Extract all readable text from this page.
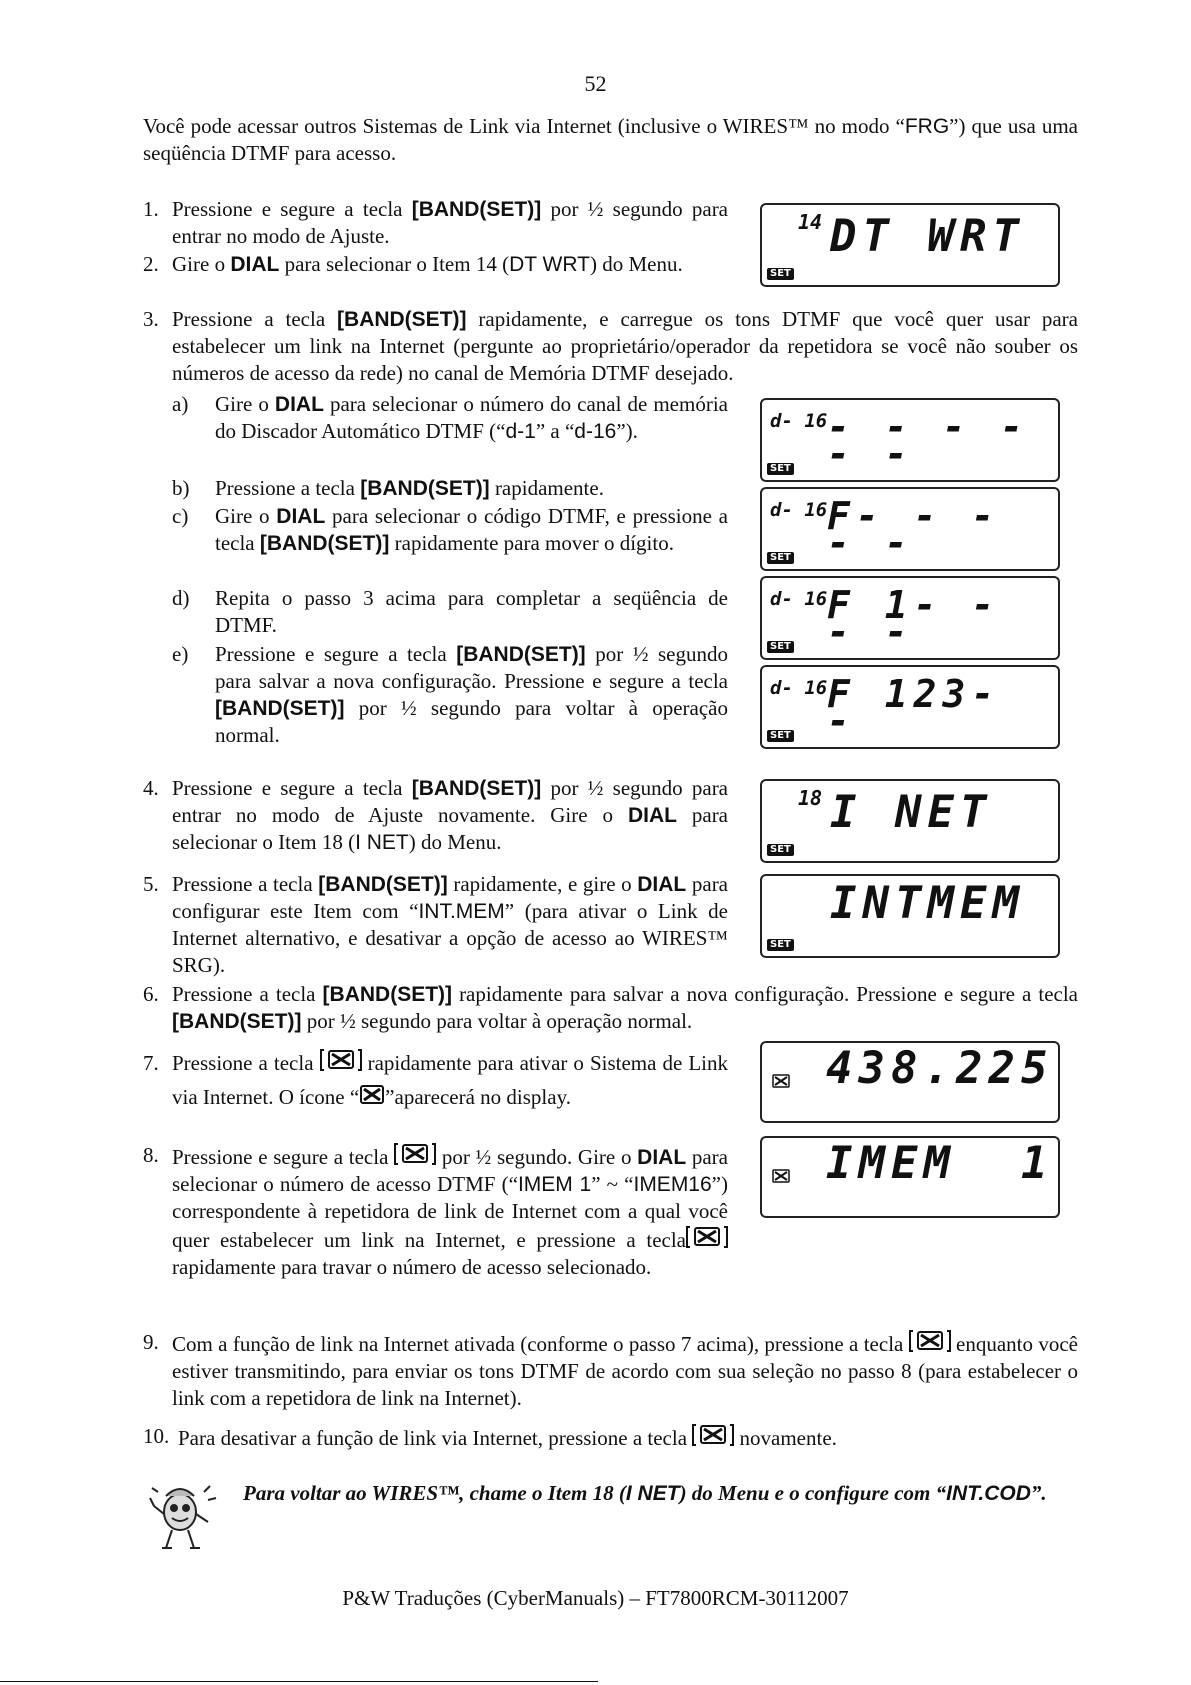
52
Você pode acessar outros Sistemas de Link via Internet (inclusive o WIRES™ no modo “FRG”) que usa uma seqüência DTMF para acesso.
1. Pressione e segure a tecla [BAND(SET)] por ½ segundo para entrar no modo de Ajuste.
2. Gire o DIAL para selecionar o Item 14 (DT WRT) do Menu.
3. Pressione a tecla [BAND(SET)] rapidamente, e carregue os tons DTMF que você quer usar para estabelecer um link na Internet (pergunte ao proprietário/operador da repetidora se você não souber os números de acesso da rede) no canal de Memória DTMF desejado.
a) Gire o DIAL para selecionar o número do canal de memória do Discador Automático DTMF (“d-1” a “d-16”).
b) Pressione a tecla [BAND(SET)] rapidamente.
c) Gire o DIAL para selecionar o código DTMF, e pressione a tecla [BAND(SET)] rapidamente para mover o dígito.
d) Repita o passo 3 acima para completar a seqüência de DTMF.
e) Pressione e segure a tecla [BAND(SET)] por ½ segundo para salvar a nova configuração. Pressione e segure a tecla [BAND(SET)] por ½ segundo para voltar à operação normal.
4. Pressione e segure a tecla [BAND(SET)] por ½ segundo para entrar no modo de Ajuste novamente. Gire o DIAL para selecionar o Item 18 (I NET) do Menu.
5. Pressione a tecla [BAND(SET)] rapidamente, e gire o DIAL para configurar este Item com “INT.MEM” (para ativar o Link de Internet alternativo, e desativar a opção de acesso ao WIRES™ SRG).
6. Pressione a tecla [BAND(SET)] rapidamente para salvar a nova configuração. Pressione e segure a tecla [BAND(SET)] por ½ segundo para voltar à operação normal.
7. Pressione a tecla  rapidamente para ativar o Sistema de Link via Internet. O ícone “ ”aparecerá no display.
8. Pressione e segure a tecla  por ½ segundo. Gire o DIAL para selecionar o número de acesso DTMF (“IMEM 1” ~ “IMEM16”) correspondente à repetidora de link de Internet com a qual você quer estabelecer um link na Internet, e pressione a tecla rapidamente para travar o número de acesso selecionado.
9. Com a função de link na Internet ativada (conforme o passo 7 acima), pressione a tecla  enquanto você estiver transmitindo, para enviar os tons DTMF de acordo com sua seleção no passo 8 (para estabelecer o link com a repetidora de link na Internet).
10. Para desativar a função de link via Internet, pressione a tecla  novamente.
14 DT WRT
SET
d- 16 - - - - - -
SET
d- 16 F- - - - -
SET
d- 16 F 1- - - -
SET
d- 16 F 123- -
SET
18 I NET
SET
INTMEM
SET
438.225
IMEM  1
Para voltar ao WIRES™, chame o Item 18 (I NET) do Menu e o configure com “INT.COD”.
P&W Traduções (CyberManuals) – FT7800RCM-30112007
